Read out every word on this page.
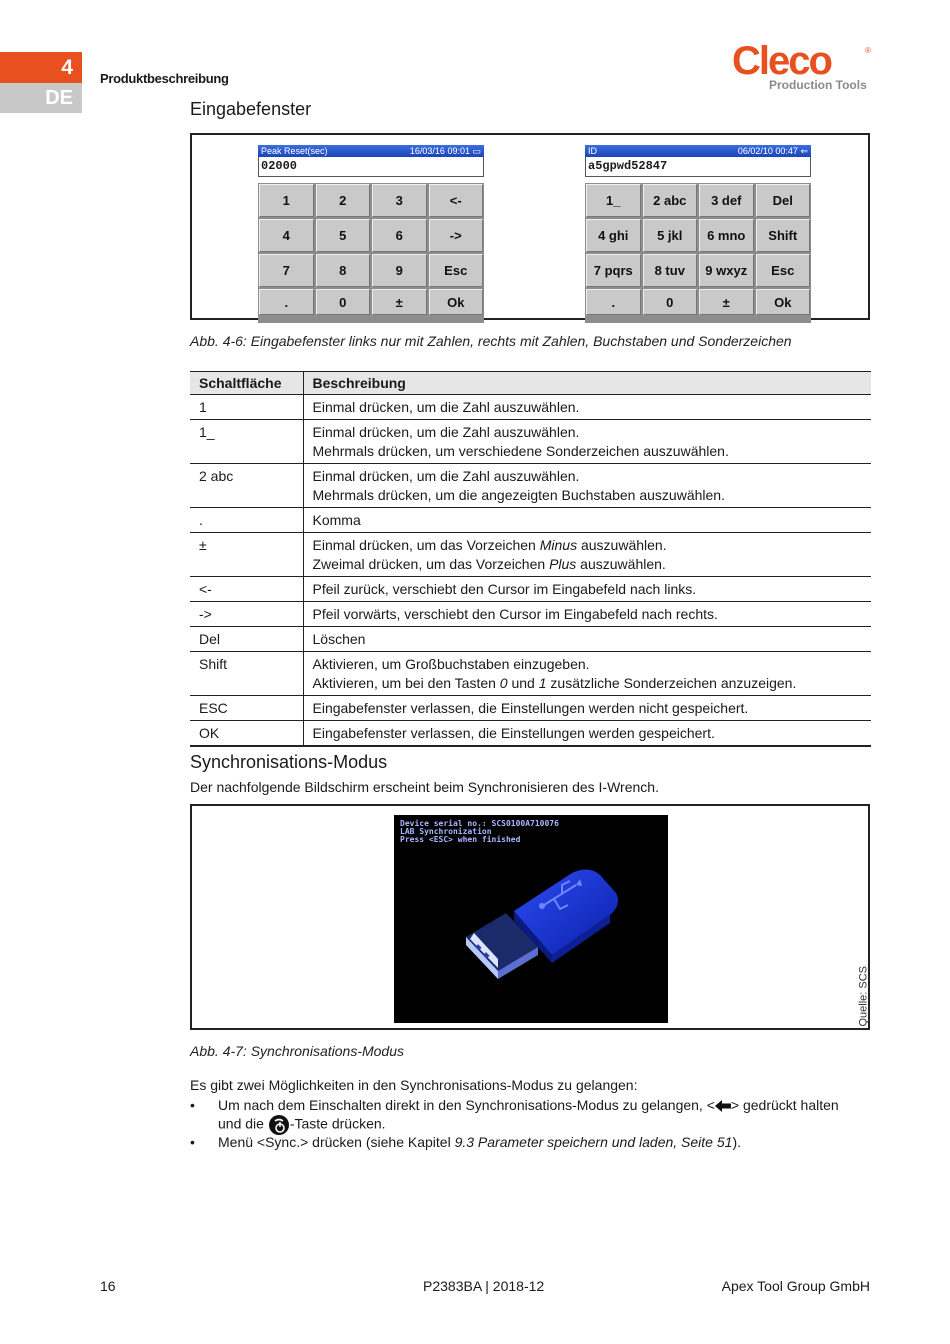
4
DE
Produktbeschreibung	Cleco	®
Production Tools
Eingabefenster
Peak Reset(sec)	16/03/16 09:01 ▭
02000
1	2	3	<-
4	5	6	->
7	8	9	Esc
.	0	±	Ok
ID	06/02/10 00:47 ⇐
a5gpwd52847
1_	2 abc	3 def	Del
4 ghi	5 jkl	6 mno	Shift
7 pqrs	8 tuv	9 wxyz	Esc
.	0	±	Ok
Abb. 4-6: Eingabefenster links nur mit Zahlen, rechts mit Zahlen, Buchstaben und Sonderzeichen
Schaltfläche	Beschreibung
1	Einmal drücken, um die Zahl auszuwählen.
1_	Einmal drücken, um die Zahl auszuwählen.
Mehrmals drücken, um verschiedene Sonderzeichen auszuwählen.
2 abc	Einmal drücken, um die Zahl auszuwählen.
Mehrmals drücken, um die angezeigten Buchstaben auszuwählen.
.	Komma
±	Einmal drücken, um das Vorzeichen Minus auszuwählen.
Zweimal drücken, um das Vorzeichen Plus auszuwählen.
<-	Pfeil zurück, verschiebt den Cursor im Eingabefeld nach links.
->	Pfeil vorwärts, verschiebt den Cursor im Eingabefeld nach rechts.
Del	Löschen
Shift	Aktivieren, um Großbuchstaben einzugeben.
Aktivieren, um bei den Tasten 0 und 1 zusätzliche Sonderzeichen anzuzeigen.
ESC	Eingabefenster verlassen, die Einstellungen werden nicht gespeichert.
OK	Eingabefenster verlassen, die Einstellungen werden gespeichert.
Synchronisations-Modus
Der nachfolgende Bildschirm erscheint beim Synchronisieren des I-Wrench.
Device serial no.: SCS0100A710076
LAB Synchronization
Press <ESC> when finished
Quelle: SCS
Abb. 4-7: Synchronisations-Modus
Es gibt zwei Möglichkeiten in den Synchronisations-Modus zu gelangen:
• Um nach dem Einschalten direkt in den Synchronisations-Modus zu gelangen, < > gedrückt halten
und die -Taste drücken.
• Menü <Sync.> drücken (siehe Kapitel 9.3 Parameter speichern und laden, Seite 51).
16	P2383BA | 2018-12	Apex Tool Group GmbH
